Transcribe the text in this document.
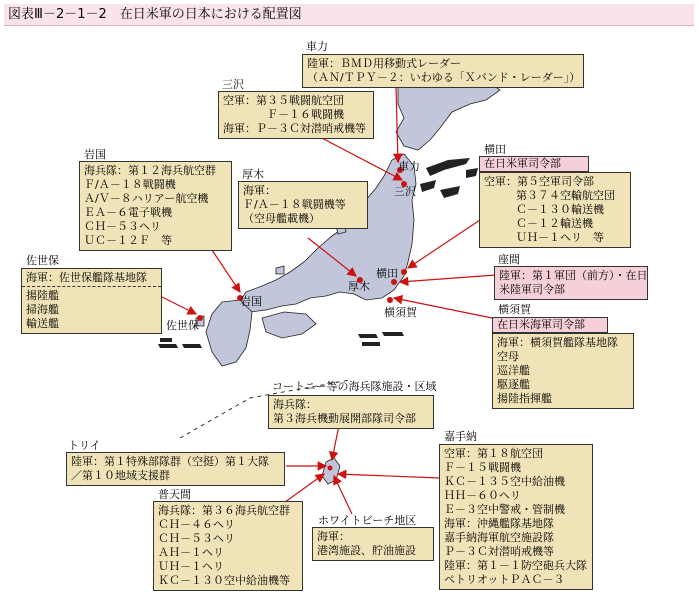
図表Ⅲ－2－1－2　在日米軍の日本における配置図
車力
三沢
横田
厚木
横須賀
岩国
佐世保
車力
陸軍：ＢＭＤ用移動式レーダー
（ＡＮ/ＴＰＹ－２：いわゆる「Ｘバンド・レーダー」）
三沢
空軍：第３５戦闘航空団
Ｆ－１６戦闘機
海軍：Ｐ－３Ｃ対潜哨戒機等
岩国
海兵隊：第１２海兵航空群
Ｆ/Ａ－１８戦闘機
Ａ/Ｖ－８ハリアー航空機
ＥＡ－６電子戦機
ＣＨ－５３ヘリ
ＵＣ－１２Ｆ　等
厚木
海軍：
Ｆ/Ａ－１８戦闘機等
（空母艦載機）
横田
在日米軍司令部
空軍：第５空軍司令部
第３７４空輸航空団
Ｃ－１３０輸送機
Ｃ－１２輸送機
ＵＨ－１ヘリ　等
座間
陸軍：第１軍団（前方）・在日
米陸軍司令部
横須賀
在日米海軍司令部
海軍：横須賀艦隊基地隊
空母
巡洋艦
駆逐艦
揚陸指揮艦
佐世保
海軍：佐世保艦隊基地隊
揚陸艦
掃海艦
輸送艦
コートニー等の海兵隊施設・区域
海兵隊：
第３海兵機動展開部隊司令部
トリイ
陸軍：第１特殊部隊群（空挺）第１大隊
／第１０地域支援群
普天間
海兵隊：第３６海兵航空群
ＣＨ－４６ヘリ
ＣＨ－５３ヘリ
ＡＨ－１ヘリ
ＵＨ－１ヘリ
ＫＣ－１３０空中給油機等
ホワイトビーチ地区
海軍：
港湾施設、貯油施設
嘉手納
空軍：第１８航空団
Ｆ－１５戦闘機
ＫＣ－１３５空中給油機
ＨＨ－６０ヘリ
Ｅ－３空中警戒・管制機
海軍：沖縄艦隊基地隊
嘉手納海軍航空施設隊
Ｐ－３Ｃ対潜哨戒機等
陸軍：第１－１防空砲兵大隊
ペトリオットＰＡＣ－３
